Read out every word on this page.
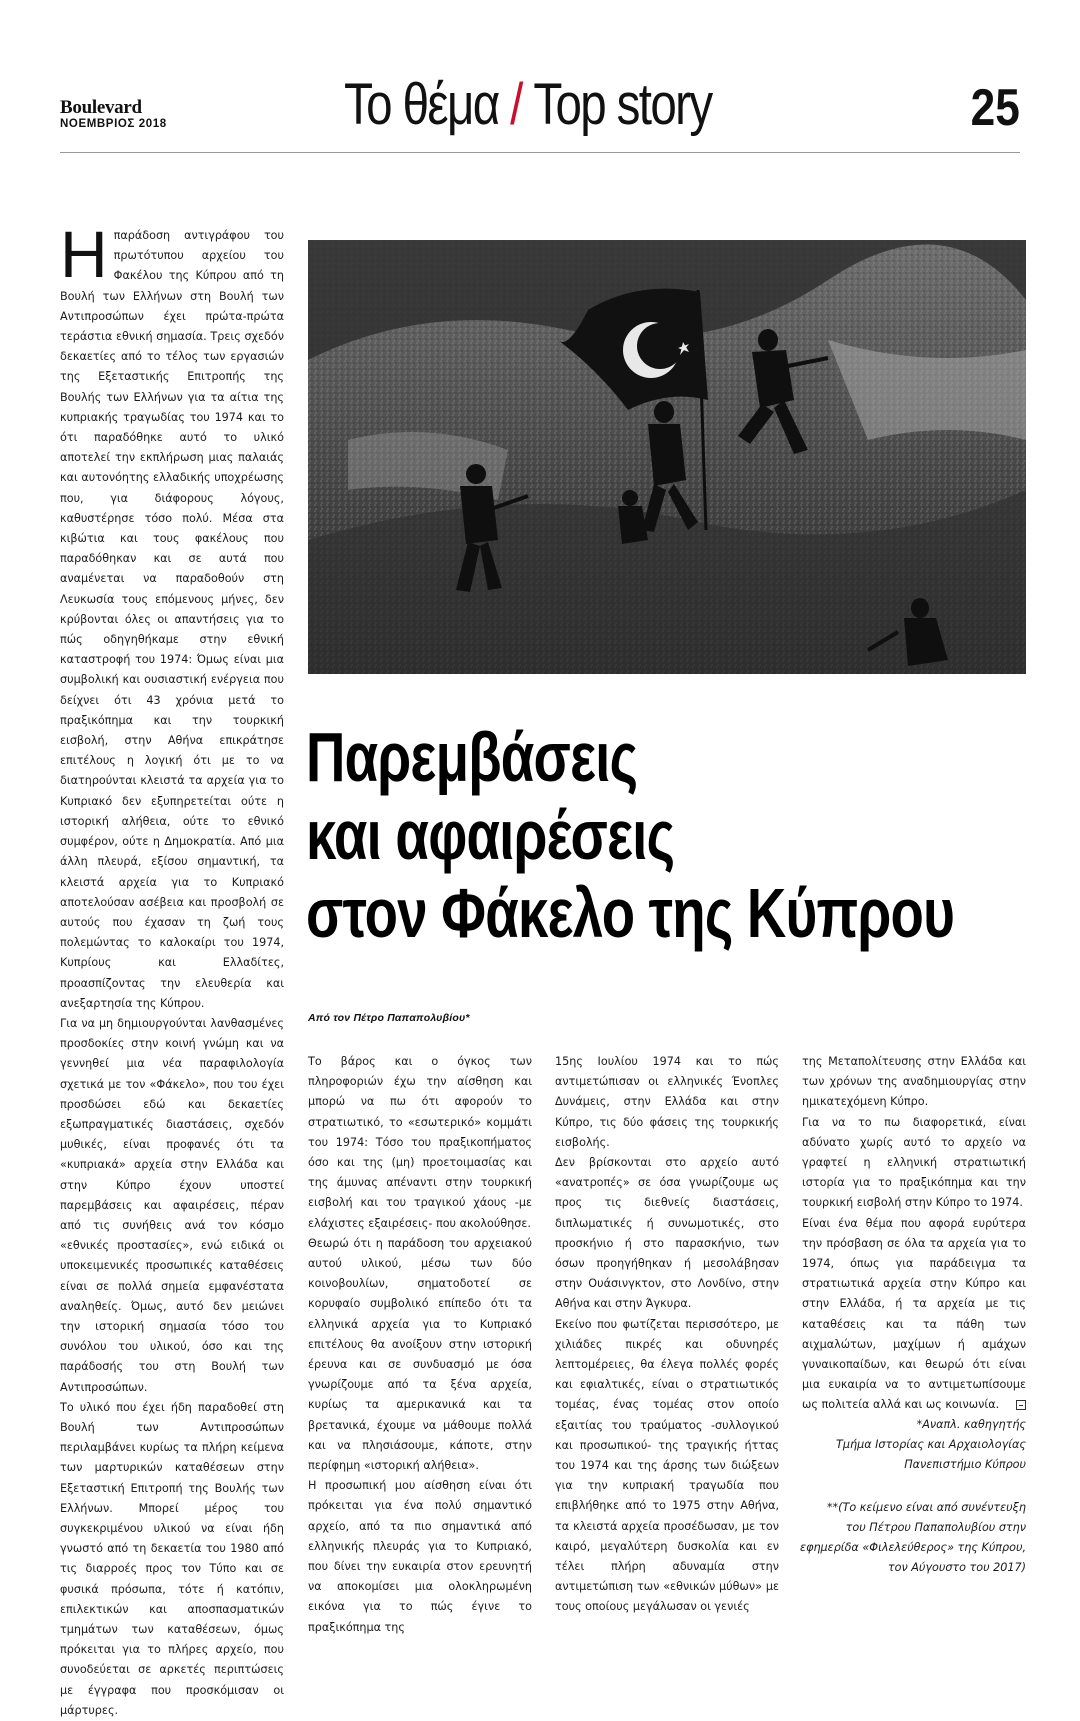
Boulevard
ΝΟΕΜΒΡΙΟΣ 2018	Το θέμα / Top story	25

Ηπαράδοση αντιγράφου του πρωτότυπου αρχείου του Φακέλου της Κύπρου από τη Βουλή των Ελλήνων στη Βουλή των Αντιπροσώπων έχει πρώτα-πρώτα τεράστια εθνική σημασία. Τρεις σχεδόν δεκαετίες από το τέλος των εργασιών της Εξεταστικής Επιτροπής της Βουλής των Ελλήνων για τα αίτια της κυπριακής τραγωδίας του 1974 και το ότι παραδόθηκε αυτό το υλικό αποτελεί την εκπλήρωση μιας παλαιάς και αυτονόητης ελλαδικής υποχρέωσης που, για διάφορους λόγους, καθυστέρησε τόσο πολύ. Μέσα στα κιβώτια και τους φακέλους που παραδόθηκαν και σε αυτά που αναμένεται να παραδοθούν στη Λευκωσία τους επόμενους μήνες, δεν κρύβονται όλες οι απαντήσεις για το πώς οδηγηθήκαμε στην εθνική καταστροφή του 1974: Όμως είναι μια συμβολική και ουσιαστική ενέργεια που δείχνει ότι 43 χρόνια μετά το πραξικόπημα και την τουρκική εισβολή, στην Αθήνα επικράτησε επιτέλους η λογική ότι με το να διατηρούνται κλειστά τα αρχεία για το Κυπριακό δεν εξυπηρετείται ούτε η ιστορική αλήθεια, ούτε το εθνικό συμφέρον, ούτε η Δημοκρατία. Από μια άλλη πλευρά, εξίσου σημαντική, τα κλειστά αρχεία για το Κυπριακό αποτελούσαν ασέβεια και προσβολή σε αυτούς που έχασαν τη ζωή τους πολεμώντας το καλοκαίρι του 1974, Κυπρίους και Ελλαδίτες, προασπίζοντας την ελευθερία και ανεξαρτησία της Κύπρου.

Για να μη δημιουργούνται λανθασμένες προσδοκίες στην κοινή γνώμη και να γεννηθεί μια νέα παραφιλολογία σχετικά με τον «Φάκελο», που του έχει προσδώσει εδώ και δεκαετίες εξωπραγματικές διαστάσεις, σχεδόν μυθικές, είναι προφανές ότι τα «κυπριακά» αρχεία στην Ελλάδα και στην Κύπρο έχουν υποστεί παρεμβάσεις και αφαιρέσεις, πέραν από τις συνήθεις ανά τον κόσμο «εθνικές προστασίες», ενώ ειδικά οι υποκειμενικές προσωπικές καταθέσεις είναι σε πολλά σημεία εμφανέστατα αναληθείς. Όμως, αυτό δεν μειώνει την ιστορική σημασία τόσο του συνόλου του υλικού, όσο και της παράδοσής του στη Βουλή των Αντιπροσώπων.

Το υλικό που έχει ήδη παραδοθεί στη Βουλή των Αντιπροσώπων περιλαμβάνει κυρίως τα πλήρη κείμενα των μαρτυρικών καταθέσεων στην Εξεταστική Επιτροπή της Βουλής των Ελλήνων. Μπορεί μέρος του συγκεκριμένου υλικού να είναι ήδη γνωστό από τη δεκαετία του 1980 από τις διαρροές προς τον Τύπο και σε φυσικά πρόσωπα, τότε ή κατόπιν, επιλεκτικών και αποσπασματικών τμημάτων των καταθέσεων, όμως πρόκειται για το πλήρες αρχείο, που συνοδεύεται σε αρκετές περιπτώσεις με έγγραφα που προσκόμισαν οι μάρτυρες.

Παρεμβάσεις
και αφαιρέσεις
στον Φάκελο της Κύπρου
Από τον Πέτρο Παπαπολυβίου*

Το βάρος και ο όγκος των πληροφοριών έχω την αίσθηση και μπορώ να πω ότι αφορούν το στρατιωτικό, το «εσωτερικό» κομμάτι του 1974: Τόσο του πραξικοπήματος όσο και της (μη) προετοιμασίας και της άμυνας απέναντι στην τουρκική εισβολή και του τραγικού χάους -με ελάχιστες εξαιρέσεις- που ακολούθησε.

Θεωρώ ότι η παράδοση του αρχειακού αυτού υλικού, μέσω των δύο κοινοβουλίων, σηματοδοτεί σε κορυφαίο συμβολικό επίπεδο ότι τα ελληνικά αρχεία για το Κυπριακό επιτέλους θα ανοίξουν στην ιστορική έρευνα και σε συνδυασμό με όσα γνωρίζουμε από τα ξένα αρχεία, κυρίως τα αμερικανικά και τα βρετανικά, έχουμε να μάθουμε πολλά και να πλησιάσουμε, κάποτε, στην περίφημη «ιστορική αλήθεια».

Η προσωπική μου αίσθηση είναι ότι πρόκειται για ένα πολύ σημαντικό αρχείο, από τα πιο σημαντικά από ελληνικής πλευράς για το Κυπριακό, που δίνει την ευκαιρία στον ερευνητή να αποκομίσει μια ολοκληρωμένη εικόνα για το πώς έγινε το πραξικόπημα της

15ης Ιουλίου 1974 και το πώς αντιμετώπισαν οι ελληνικές Ένοπλες Δυνάμεις, στην Ελλάδα και στην Κύπρο, τις δύο φάσεις της τουρκικής εισβολής.

Δεν βρίσκονται στο αρχείο αυτό «ανατροπές» σε όσα γνωρίζουμε ως προς τις διεθνείς διαστάσεις, διπλωματικές ή συνωμοτικές, στο προσκήνιο ή στο παρασκήνιο, των όσων προηγήθηκαν ή μεσολάβησαν στην Ουάσινγκτον, στο Λονδίνο, στην Αθήνα και στην Άγκυρα.

Εκείνο που φωτίζεται περισσότερο, με χιλιάδες πικρές και οδυνηρές λεπτομέρειες, θα έλεγα πολλές φορές και εφιαλτικές, είναι ο στρατιωτικός τομέας, ένας τομέας στον οποίο εξαιτίας του τραύματος -συλλογικού και προσωπικού- της τραγικής ήττας του 1974 και της άρσης των διώξεων για την κυπριακή τραγωδία που επιβλήθηκε από το 1975 στην Αθήνα, τα κλειστά αρχεία προσέδωσαν, με τον καιρό, μεγαλύτερη δυσκολία και εν τέλει πλήρη αδυναμία στην αντιμετώπιση των «εθνικών μύθων» με τους οποίους μεγάλωσαν οι γενιές

της Μεταπολίτευσης στην Ελλάδα και των χρόνων της αναδημιουργίας στην ημικατεχόμενη Κύπρο.

Για να το πω διαφορετικά, είναι αδύνατο χωρίς αυτό το αρχείο να γραφτεί η ελληνική στρατιωτική ιστορία για το πραξικόπημα και την τουρκική εισβολή στην Κύπρο το 1974.

Είναι ένα θέμα που αφορά ευρύτερα την πρόσβαση σε όλα τα αρχεία για το 1974, όπως για παράδειγμα τα στρατιωτικά αρχεία στην Κύπρο και στην Ελλάδα, ή τα αρχεία με τις καταθέσεις και τα πάθη των αιχμαλώτων, μαχίμων ή αμάχων γυναικοπαίδων, και θεωρώ ότι είναι μια ευκαιρία να το αντιμετωπίσουμε ως πολιτεία αλλά και ως κοινωνία.

*Αναπλ. καθηγητής
Τμήμα Ιστορίας και Αρχαιολογίας
Πανεπιστήμιο Κύπρου
**(Το κείμενο είναι από συνέντευξη
του Πέτρου Παπαπολυβίου στην εφημερίδα «Φιλελεύθερος» της Κύπρου,
τον Αύγουστο του 2017)
